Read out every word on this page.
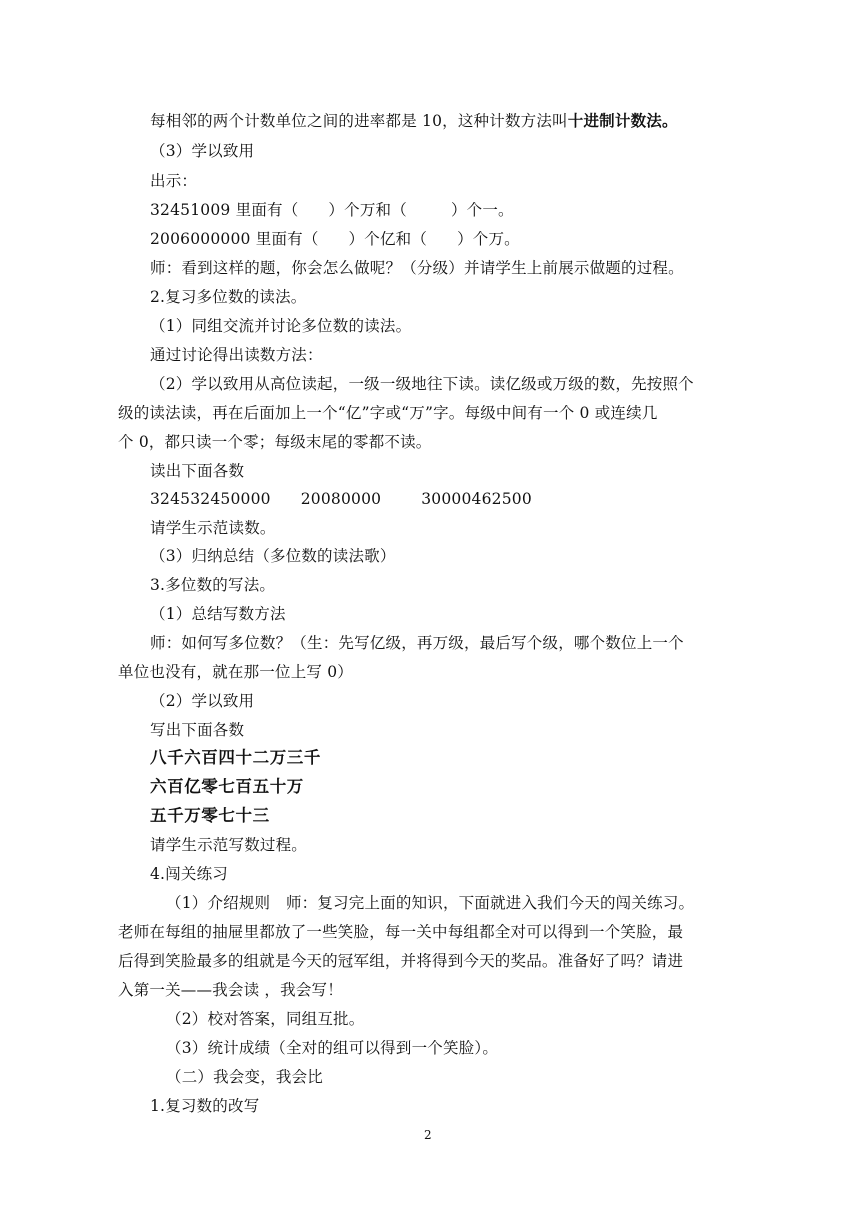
每相邻的两个计数单位之间的进率都是 10，这种计数方法叫十进制计数法。
（3）学以致用
出示：
32451009 里面有（ ）个万和（	）个一。
2006000000 里面有（ ）个亿和（ ）个万。
师：看到这样的题，你会怎么做呢？（分级）并请学生上前展示做题的过程。
2.复习多位数的读法。
（1）同组交流并讨论多位数的读法。
通过讨论得出读数方法：
（2）学以致用从高位读起，一级一级地往下读。读亿级或万级的数，先按照个
级的读法读，再在后面加上一个“亿”字或“万”字。每级中间有一个 0 或连续几
个 0，都只读一个零；每级末尾的零都不读。
读出下面各数
324532450000 20080000	30000462500
请学生示范读数。
（3）归纳总结（多位数的读法歌）
3.多位数的写法。
（1）总结写数方法
师：如何写多位数？（生：先写亿级，再万级，最后写个级，哪个数位上一个
单位也没有，就在那一位上写 0）
（2）学以致用
写出下面各数
八千六百四十二万三千
六百亿零七百五十万
五千万零七十三
请学生示范写数过程。
4.闯关练习
（1）介绍规则　师：复习完上面的知识，下面就进入我们今天的闯关练习。
老师在每组的抽屉里都放了一些笑脸，每一关中每组都全对可以得到一个笑脸，最
后得到笑脸最多的组就是今天的冠军组，并将得到今天的奖品。准备好了吗？请进
入第一关——我会读 ，我会写！
（2）校对答案，同组互批。
（3）统计成绩（全对的组可以得到一个笑脸）。
（二）我会变，我会比
1.复习数的改写
2
